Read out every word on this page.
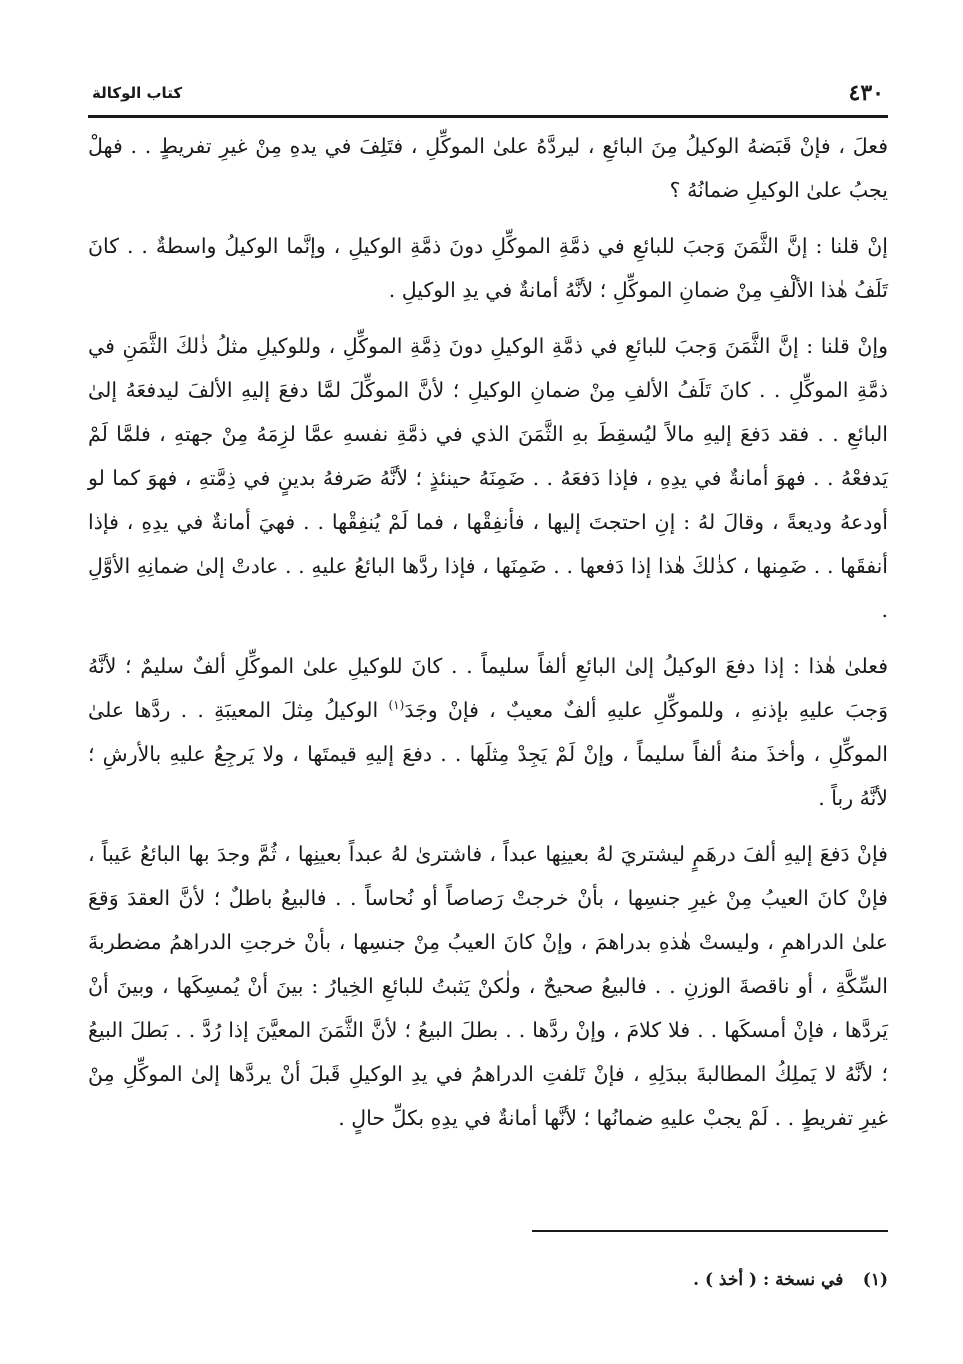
٤٣٠
كتاب الوكالة

فعلَ ، فإنْ قَبَضهُ الوكيلُ مِنَ البائعِ ، ليردَّهُ علىٰ الموكِّلِ ، فتَلِفَ في يدهِ مِنْ غيرِ تفريطٍ . . فهلْ يجبُ علىٰ الوكيلِ ضمانُهُ ؟

إنْ قلنا : إنَّ الثَّمَنَ وَجبَ للبائعِ في ذمَّةِ الموكِّلِ دونَ ذمَّةِ الوكيلِ ، وإنَّما الوكيلُ واسطةٌ . . كانَ تَلَفُ هٰذا الألْفِ مِنْ ضمانِ الموكِّلِ ؛ لأنَّهُ أمانةٌ في يدِ الوكيلِ .

وإنْ قلنا : إنَّ الثَّمَنَ وَجبَ للبائعِ في ذمَّةِ الوكيلِ دونَ ذِمَّةِ الموكِّلِ ، وللوكيلِ مثلُ ذٰلكَ الثَّمَنِ في ذمَّةِ الموكِّلِ . . كانَ تَلَفُ الألفِ مِنْ ضمانِ الوكيلِ ؛ لأنَّ الموكِّلَ لمَّا دفعَ إليهِ الألفَ ليدفعَهُ إلىٰ البائعِ . . فقد دَفعَ إليهِ مالاً ليُسقِطَ بهِ الثَّمَنَ الذي في ذمَّةِ نفسهِ عمَّا لزِمَهُ مِنْ جهتهِ ، فلمَّا لَمْ يَدفعْهُ . . فهوَ أمانةٌ في يدِهِ ، فإذا دَفعَهُ . . ضَمِنَهُ حينئذٍ ؛ لأنَّهُ صَرفهُ بدينٍ في ذِمَّتهِ ، فهوَ كما لو أودعهُ وديعةً ، وقالَ لهُ : إنِ احتجتَ إليها ، فأنفِقْها ، فما لَمْ يُنفِقْها . . فهيَ أمانةٌ في يدِهِ ، فإذا أنفقَها . . ضَمِنها ، كذٰلكَ هٰذا إذا دَفعها . . ضَمِنَها ، فإذا ردَّها البائعُ عليهِ . . عادتْ إلىٰ ضمانِهِ الأوَّلِ .

فعلىٰ هٰذا : إذا دفعَ الوكيلُ إلىٰ البائعِ ألفاً سليماً . . كانَ للوكيلِ علىٰ الموكِّلِ ألفٌ سليمٌ ؛ لأنَّهُ وَجبَ عليهِ بإذنهِ ، وللموكِّلِ عليهِ ألفٌ معيبٌ ، فإنْ وجَدَ$^{(١)}$ الوكيلُ مِثلَ المعيبَةِ . . ردَّها علىٰ الموكِّلِ ، وأخذَ منهُ ألفاً سليماً ، وإنْ لَمْ يَجِدْ مِثلَها . . دفعَ إليهِ قيمتَها ، ولا يَرجِعُ عليهِ بالأرشِ ؛ لأنَّهُ رباً .

فإنْ دَفعَ إليهِ ألفَ درهَمٍ ليشتريَ لهُ بعينِها عبداً ، فاشترىٰ لهُ عبداً بعينِها ، ثُمَّ وجدَ بها البائعُ عَيباً ، فإنْ كانَ العيبُ مِنْ غيرِ جنسِها ، بأنْ خرجتْ رَصاصاً أو نُحاساً . . فالبيعُ باطلٌ ؛ لأنَّ العقدَ وَقعَ علىٰ الدراهمِ ، وليستْ هٰذهِ بدراهمَ ، وإنْ كانَ العيبُ مِنْ جنسِها ، بأنْ خرجتِ الدراهمُ مضطربةَ السِّكَّةِ ، أو ناقصةَ الوزنِ . . فالبيعُ صحيحٌ ، ولٰكنْ يَثبتُ للبائعِ الخِيارُ : بينَ أنْ يُمسِكَها ، وبينَ أنْ يَردَّها ، فإنْ أمسكَها . . فلا كلامَ ، وإنْ ردَّها . . بطلَ البيعُ ؛ لأنَّ الثَّمَنَ المعيَّنَ إذا رُدَّ . . بَطلَ البيعُ ؛ لأنَّهُ لا يَملِكُ المطالبةَ ببدَلِهِ ، فإنْ تَلفتِ الدراهمُ في يدِ الوكيلِ قَبلَ أنْ يردَّها إلىٰ الموكِّلِ مِنْ غيرِ تفريطٍ . . لَمْ يجبْ عليهِ ضمانُها ؛ لأنَّها أمانةٌ في يدِهِ بكلِّ حالٍ .

(١) في نسخة : ( أخذ ) .
